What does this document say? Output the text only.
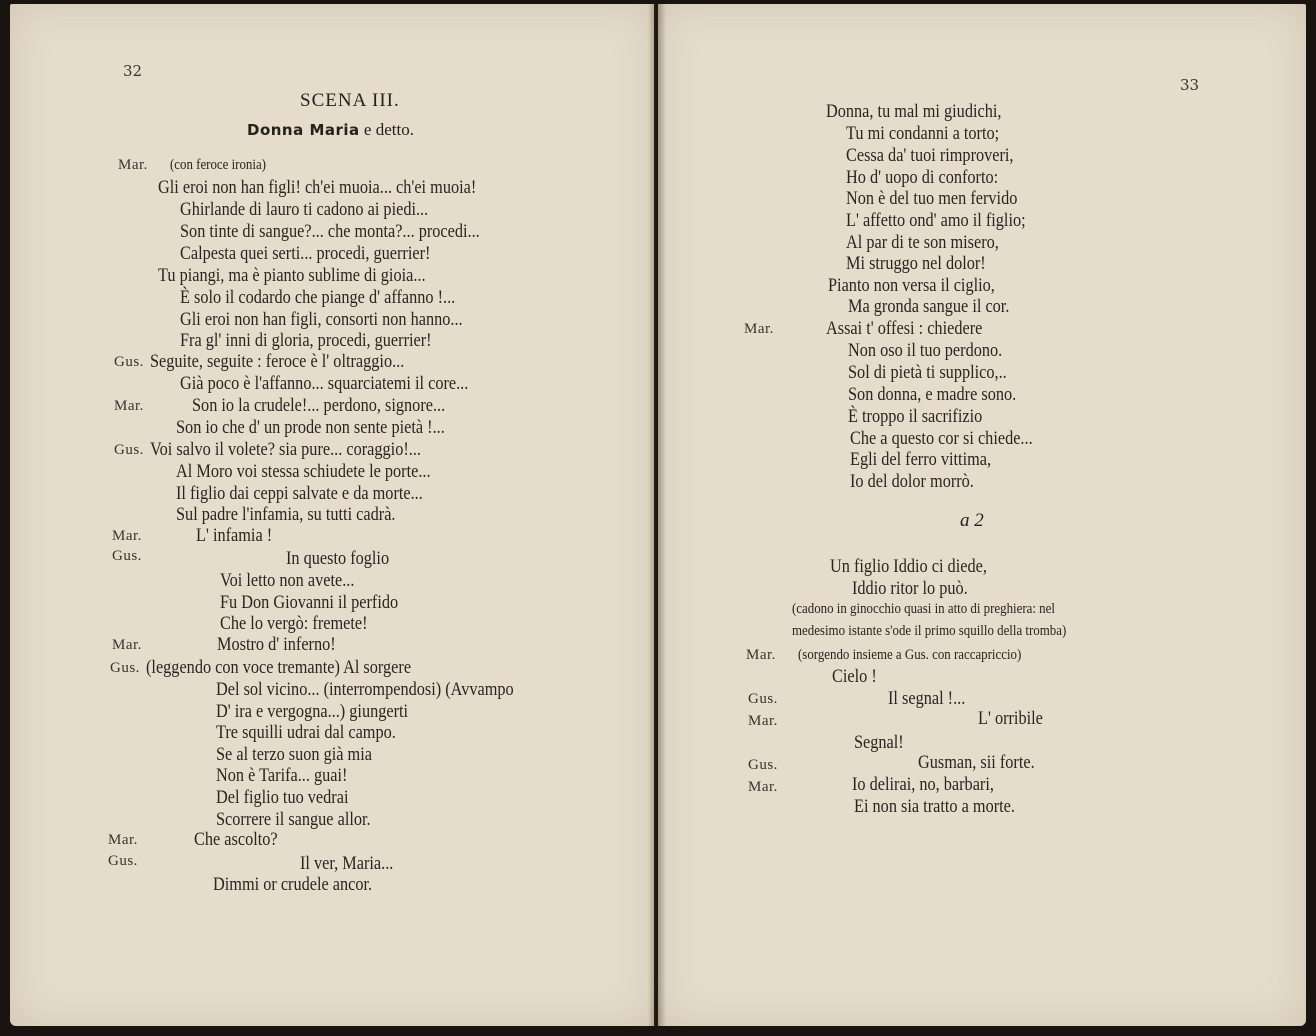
32
SCENA III.
Donna Maria e detto.
Mar. (con feroce ironia)
Gli eroi non han figli! ch'ei muoia... ch'ei muoia!
Ghirlande di lauro ti cadono ai piedi...
Son tinte di sangue?... che monta?... procedi...
Calpesta quei serti... procedi, guerrier!
Tu piangi, ma è pianto sublime di gioia...
È solo il codardo che piange d' affanno !...
Gli eroi non han figli, consorti non hanno...
Fra gl' inni di gloria, procedi, guerrier!
Gus. Seguite, seguite : feroce è l' oltraggio...
Già poco è l'affanno... squarciatemi il core...
Mar.	Son io la crudele!... perdono, signore...
Son io che d' un prode non sente pietà !...
Gus. Voi salvo il volete? sia pure... coraggio!...
Al Moro voi stessa schiudete le porte...
Il figlio dai ceppi salvate e da morte...
Sul padre l'infamia, su tutti cadrà.
Mar.	L' infamia !
Gus.	In questo foglio
Voi letto non avete...
Fu Don Giovanni il perfido
Che lo vergò: fremete!
Mar.	Mostro d' inferno!
Gus. (leggendo con voce tremante) Al sorgere
Del sol vicino... (interrompendosi) (Avvampo
D' ira e vergogna...) giungerti
Tre squilli udrai dal campo.
Se al terzo suon già mia
Non è Tarifa... guai!
Del figlio tuo vedrai
Scorrere il sangue allor.
Mar.	Che ascolto?
Gus.	Il ver, Maria...
Dimmi or crudele ancor.
33
Donna, tu mal mi giudichi,
Tu mi condanni a torto;
Cessa da' tuoi rimproveri,
Ho d' uopo di conforto:
Non è del tuo men fervido
L' affetto ond' amo il figlio;
Al par di te son misero,
Mi struggo nel dolor!
Pianto non versa il ciglio,
Ma gronda sangue il cor.
Mar.	Assai t' offesi : chiedere
Non oso il tuo perdono.
Sol di pietà ti supplico,..
Son donna, e madre sono.
È troppo il sacrifizio
Che a questo cor si chiede...
Egli del ferro vittima,
Io del dolor morrò.
a 2
Un figlio Iddio ci diede,
Iddio ritor lo può.
(cadono in ginocchio quasi in atto di preghiera: nel
medesimo istante s'ode il primo squillo della tromba)
Mar. (sorgendo insieme a Gus. con raccapriccio)
Cielo !
Gus.	Il segnal !...
Mar.	L' orribile
Segnal!
Gus.	Gusman, sii forte.
Mar.	Io delirai, no, barbari,
Ei non sia tratto a morte.
